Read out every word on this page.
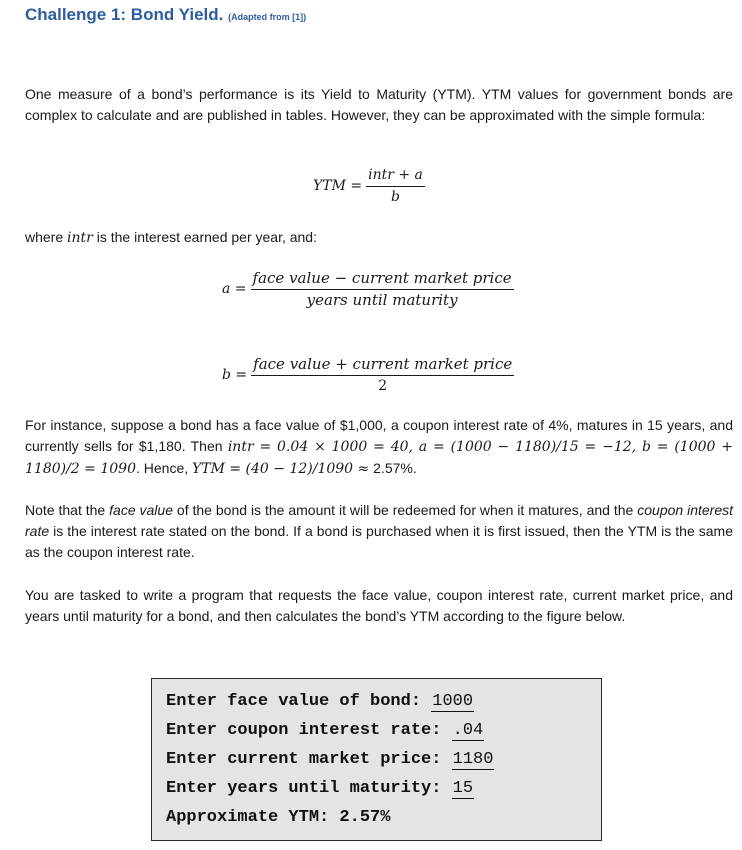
Challenge 1: Bond Yield. (Adapted from [1])

One measure of a bond’s performance is its Yield to Maturity (YTM). YTM values for government bonds are complex to calculate and are published in tables. However, they can be approximated with the simple formula:

YTM = $\frac{\text{intr + a}}{b}$

where intr is the interest earned per year, and:

$a = \frac{\text{face value − current market price}}{\text{years until maturity}}$
$b = \frac{\text{face value + current market price}}{2}$

For instance, suppose a bond has a face value of $1,000, a coupon interest rate of 4%, matures in 15 years, and currently sells for $1,180. Then intr = 0.04 × 1000 = 40, a = (1000 − 1180)/15 = −12, b = (1000 + 1180)/2 = 1090. Hence, YTM = (40 − 12)/1090 ≈ 2.57%.

Note that the face value of the bond is the amount it will be redeemed for when it matures, and the coupon interest rate is the interest rate stated on the bond. If a bond is purchased when it is first issued, then the YTM is the same as the coupon interest rate.

You are tasked to write a program that requests the face value, coupon interest rate, current market price, and years until maturity for a bond, and then calculates the bond’s YTM according to the figure below.

Enter face value of bond: 1000
Enter coupon interest rate: .04
Enter current market price: 1180
Enter years until maturity: 15
Approximate YTM: 2.57%
